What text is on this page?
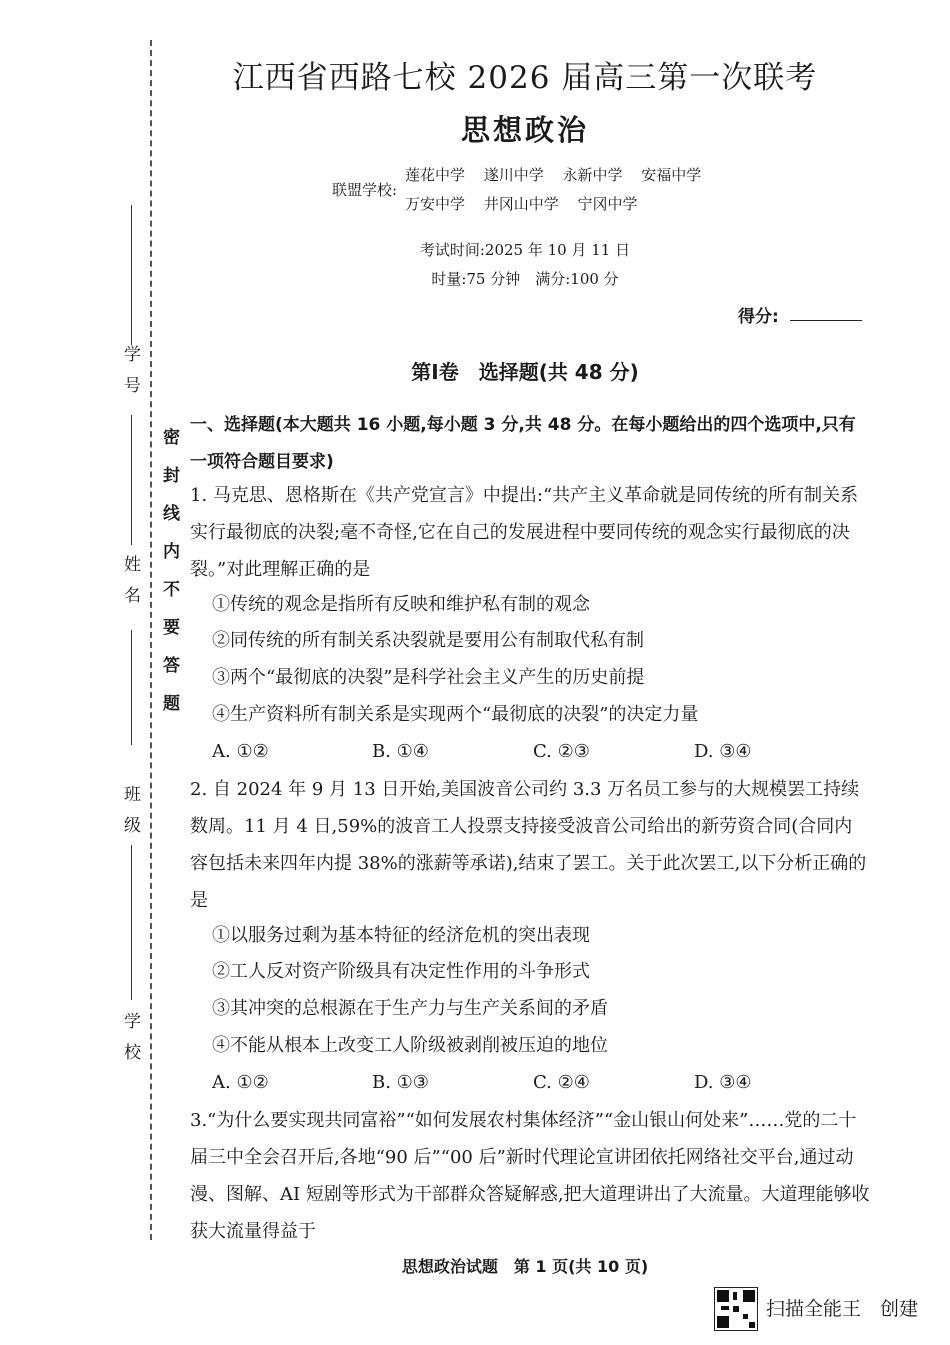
学号
姓名
班级
学校
密封线内不要答题
江西省西路七校 2026 届高三第一次联考
思想政治
联盟学校:
莲花中学 遂川中学 永新中学 安福中学
万安中学 井冈山中学 宁冈中学
考试时间:2025 年 10 月 11 日
时量:75 分钟　满分:100 分
得分:
第Ⅰ卷　选择题(共 48 分)
一、选择题(本大题共 16 小题,每小题 3 分,共 48 分。在每小题给出的四个选项中,只有一项符合题目要求)
1. 马克思、恩格斯在《共产党宣言》中提出:“共产主义革命就是同传统的所有制关系实行最彻底的决裂;毫不奇怪,它在自己的发展进程中要同传统的观念实行最彻底的决裂。”对此理解正确的是
①传统的观念是指所有反映和维护私有制的观念
②同传统的所有制关系决裂就是要用公有制取代私有制
③两个“最彻底的决裂”是科学社会主义产生的历史前提
④生产资料所有制关系是实现两个“最彻底的决裂”的决定力量
A. ①②	B. ①④	C. ②③	D. ③④
2. 自 2024 年 9 月 13 日开始,美国波音公司约 3.3 万名员工参与的大规模罢工持续数周。11 月 4 日,59%的波音工人投票支持接受波音公司给出的新劳资合同(合同内容包括未来四年内提 38%的涨薪等承诺),结束了罢工。关于此次罢工,以下分析正确的是
①以服务过剩为基本特征的经济危机的突出表现
②工人反对资产阶级具有决定性作用的斗争形式
③其冲突的总根源在于生产力与生产关系间的矛盾
④不能从根本上改变工人阶级被剥削被压迫的地位
A. ①②	B. ①③	C. ②④	D. ③④
3.“为什么要实现共同富裕”“如何发展农村集体经济”“金山银山何处来”……党的二十届三中全会召开后,各地“90 后”“00 后”新时代理论宣讲团依托网络社交平台,通过动漫、图解、AI 短剧等形式为干部群众答疑解惑,把大道理讲出了大流量。大道理能够收获大流量得益于
思想政治试题　第 1 页(共 10 页)
扫描全能王　创建
